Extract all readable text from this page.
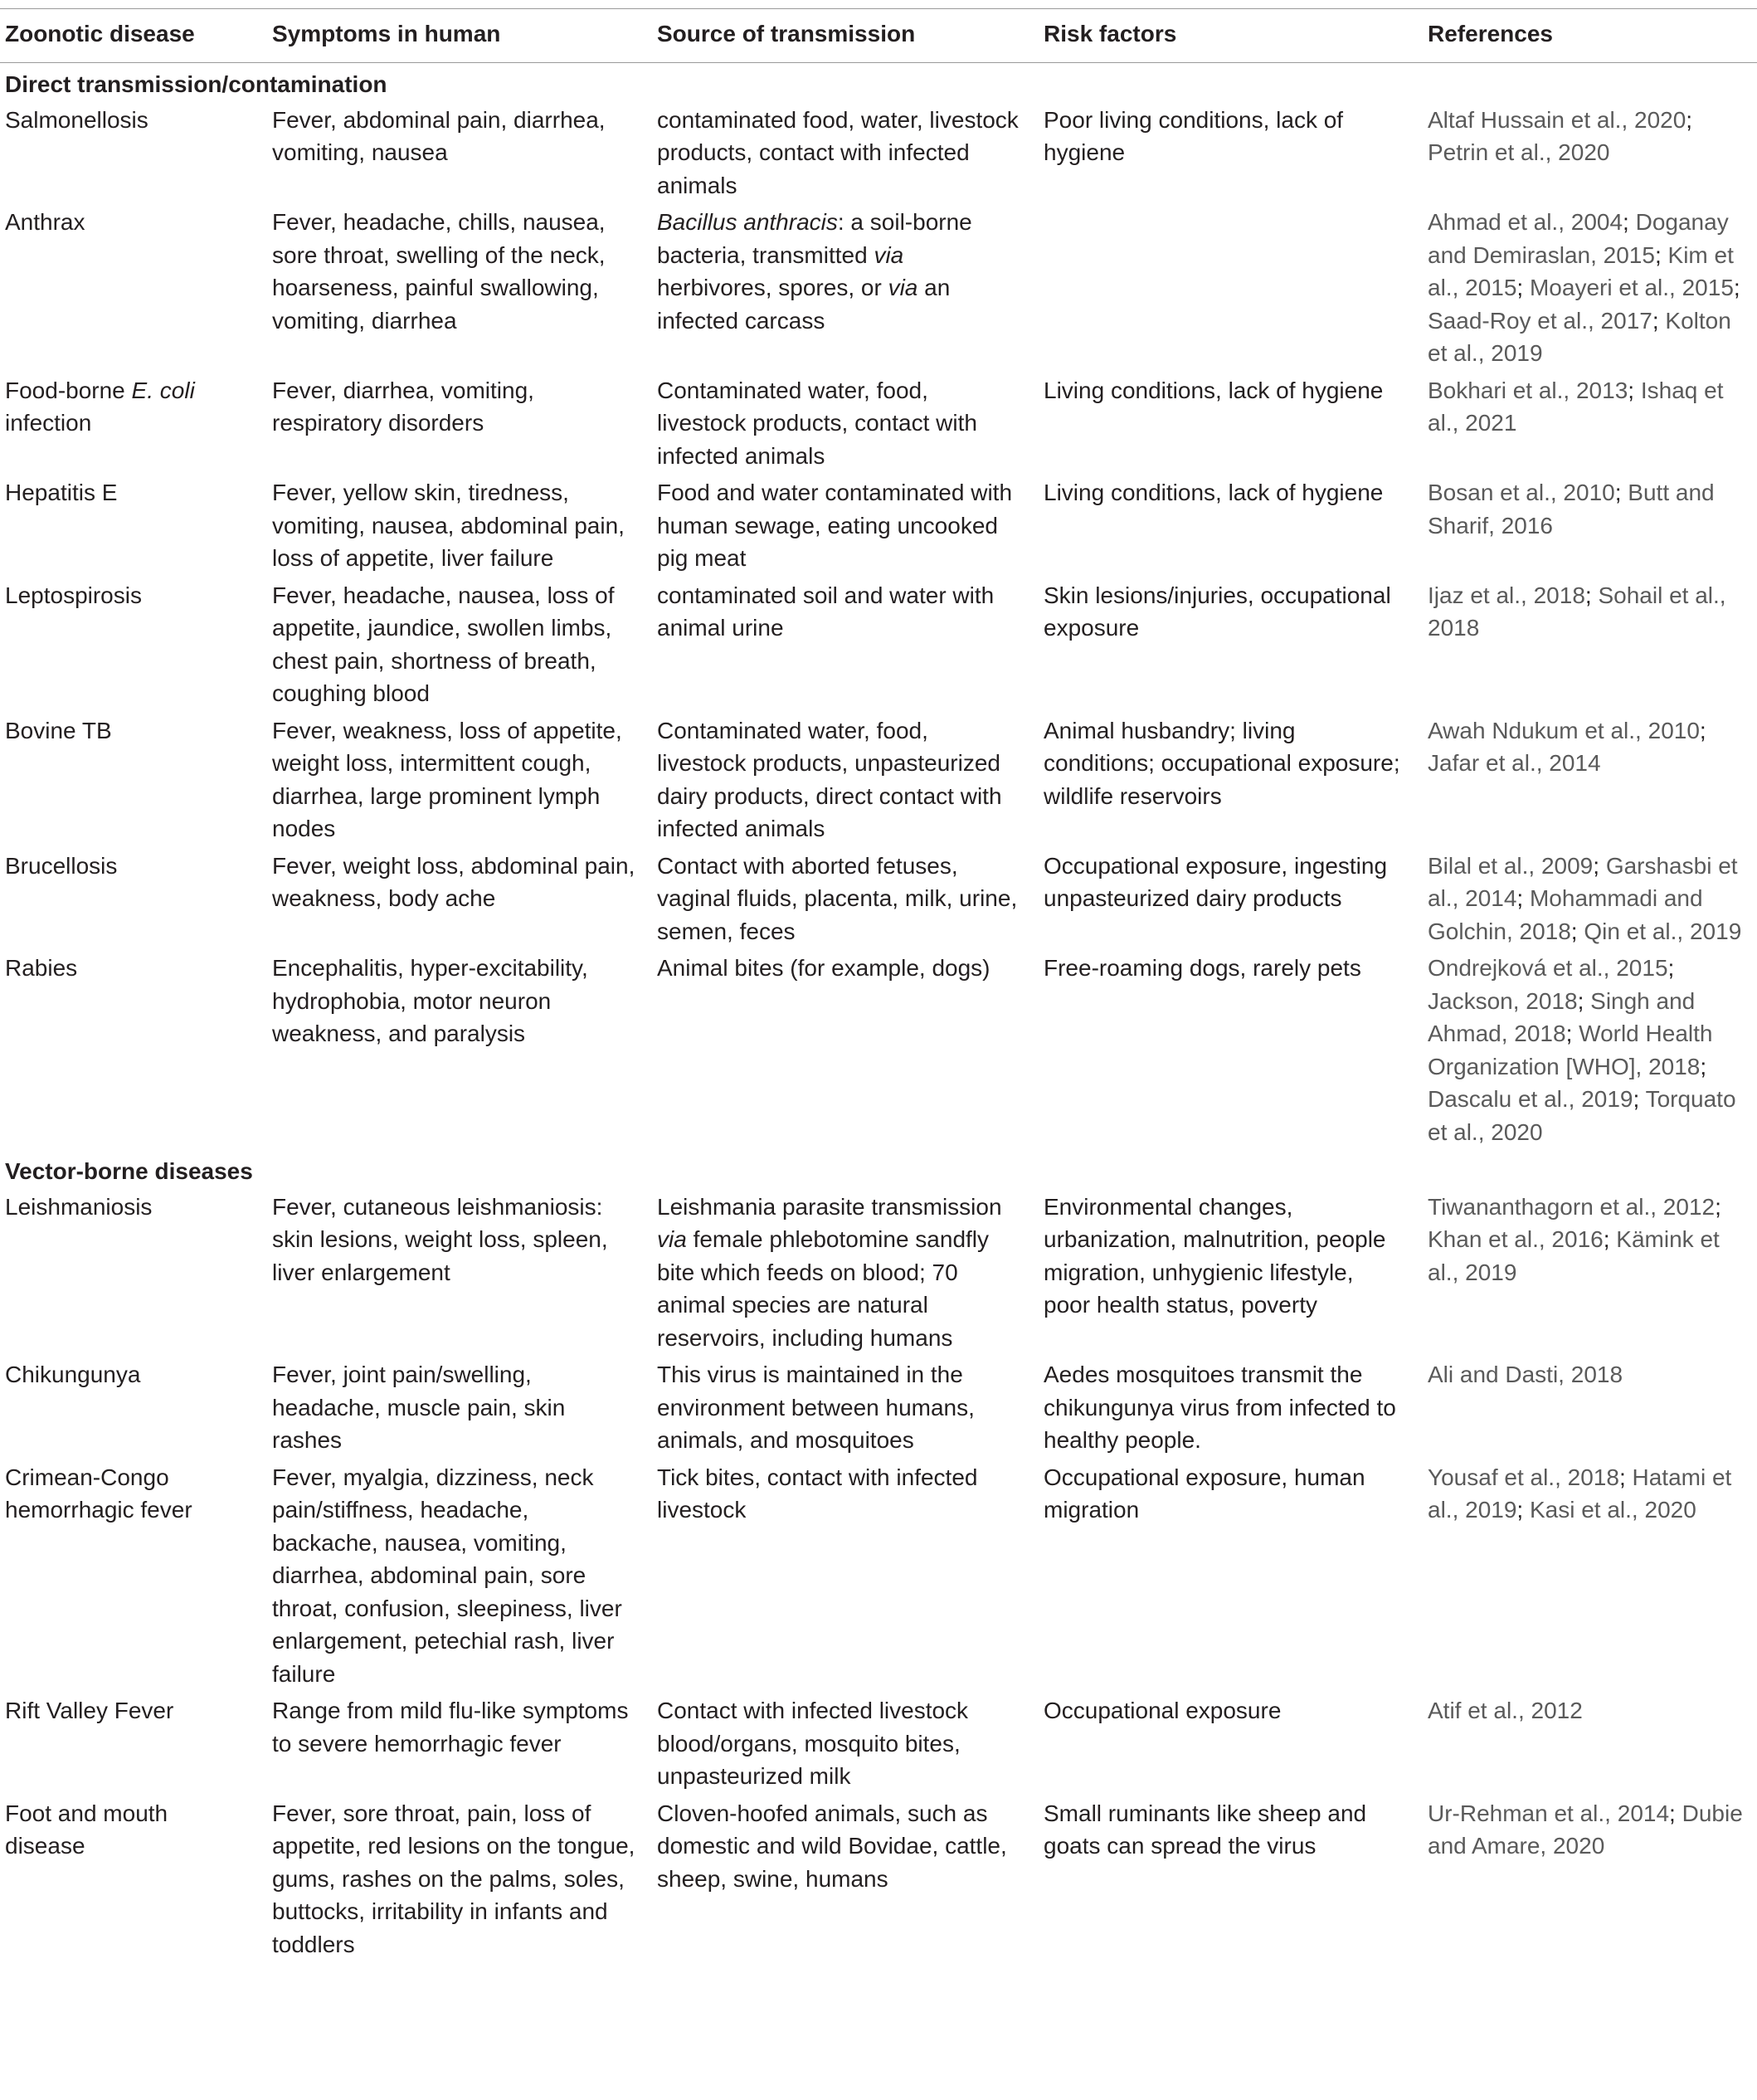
Zoonotic disease	Symptoms in human	Source of transmission	Risk factors	References
Direct transmission/contamination				
Salmonellosis	Fever, abdominal pain, diarrhea, vomiting, nausea	contaminated food, water, livestock products, contact with infected animals	Poor living conditions, lack of hygiene	Altaf Hussain et al., 2020; Petrin et al., 2020
Anthrax	Fever, headache, chills, nausea, sore throat, swelling of the neck, hoarseness, painful swallowing, vomiting, diarrhea	Bacillus anthracis: a soil-borne bacteria, transmitted via herbivores, spores, or via an infected carcass		Ahmad et al., 2004; Doganay and Demiraslan, 2015; Kim et al., 2015; Moayeri et al., 2015; Saad-Roy et al., 2017; Kolton et al., 2019
Food-borne E. coli infection	Fever, diarrhea, vomiting, respiratory disorders	Contaminated water, food, livestock products, contact with infected animals	Living conditions, lack of hygiene	Bokhari et al., 2013; Ishaq et al., 2021
Hepatitis E	Fever, yellow skin, tiredness, vomiting, nausea, abdominal pain, loss of appetite, liver failure	Food and water contaminated with human sewage, eating uncooked pig meat	Living conditions, lack of hygiene	Bosan et al., 2010; Butt and Sharif, 2016
Leptospirosis	Fever, headache, nausea, loss of appetite, jaundice, swollen limbs, chest pain, shortness of breath, coughing blood	contaminated soil and water with animal urine	Skin lesions/injuries, occupational exposure	Ijaz et al., 2018; Sohail et al., 2018
Bovine TB	Fever, weakness, loss of appetite, weight loss, intermittent cough, diarrhea, large prominent lymph nodes	Contaminated water, food, livestock products, unpasteurized dairy products, direct contact with infected animals	Animal husbandry; living conditions; occupational exposure; wildlife reservoirs	Awah Ndukum et al., 2010; Jafar et al., 2014
Brucellosis	Fever, weight loss, abdominal pain, weakness, body ache	Contact with aborted fetuses, vaginal fluids, placenta, milk, urine, semen, feces	Occupational exposure, ingesting unpasteurized dairy products	Bilal et al., 2009; Garshasbi et al., 2014; Mohammadi and Golchin, 2018; Qin et al., 2019
Rabies	Encephalitis, hyper-excitability, hydrophobia, motor neuron weakness, and paralysis	Animal bites (for example, dogs)	Free-roaming dogs, rarely pets	Ondrejková et al., 2015; Jackson, 2018; Singh and Ahmad, 2018; World Health Organization [WHO], 2018; Dascalu et al., 2019; Torquato et al., 2020
Vector-borne diseases				
Leishmaniosis	Fever, cutaneous leishmaniosis: skin lesions, weight loss, spleen, liver enlargement	Leishmania parasite transmission via female phlebotomine sandfly bite which feeds on blood; 70 animal species are natural reservoirs, including humans	Environmental changes, urbanization, malnutrition, people migration, unhygienic lifestyle, poor health status, poverty	Tiwananthagorn et al., 2012; Khan et al., 2016; Kämink et al., 2019
Chikungunya	Fever, joint pain/swelling, headache, muscle pain, skin rashes	This virus is maintained in the environment between humans, animals, and mosquitoes	Aedes mosquitoes transmit the chikungunya virus from infected to healthy people.	Ali and Dasti, 2018
Crimean-Congo hemorrhagic fever	Fever, myalgia, dizziness, neck pain/stiffness, headache, backache, nausea, vomiting, diarrhea, abdominal pain, sore throat, confusion, sleepiness, liver enlargement, petechial rash, liver failure	Tick bites, contact with infected livestock	Occupational exposure, human migration	Yousaf et al., 2018; Hatami et al., 2019; Kasi et al., 2020
Rift Valley Fever	Range from mild flu-like symptoms to severe hemorrhagic fever	Contact with infected livestock blood/organs, mosquito bites, unpasteurized milk	Occupational exposure	Atif et al., 2012
Foot and mouth disease	Fever, sore throat, pain, loss of appetite, red lesions on the tongue, gums, rashes on the palms, soles, buttocks, irritability in infants and toddlers	Cloven-hoofed animals, such as domestic and wild Bovidae, cattle, sheep, swine, humans	Small ruminants like sheep and goats can spread the virus	Ur-Rehman et al., 2014; Dubie and Amare, 2020
